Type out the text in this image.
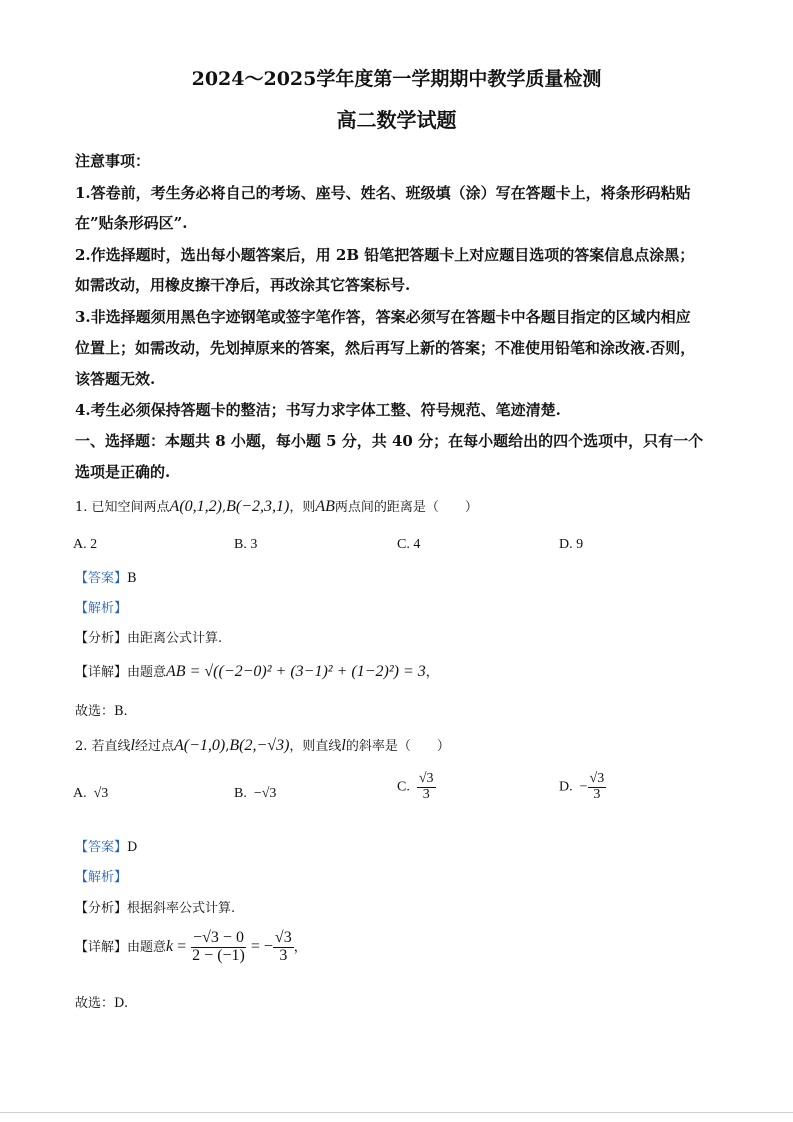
2024～2025学年度第一学期期中教学质量检测
高二数学试题
注意事项：
1.答卷前，考生务必将自己的考场、座号、姓名、班级填（涂）写在答题卡上，将条形码粘贴
在”贴条形码区”.
2.作选择题时，选出每小题答案后，用 2B 铅笔把答题卡上对应题目选项的答案信息点涂黑；
如需改动，用橡皮擦干净后，再改涂其它答案标号.
3.非选择题须用黑色字迹钢笔或签字笔作答，答案必须写在答题卡中各题目指定的区域内相应
位置上；如需改动，先划掉原来的答案，然后再写上新的答案；不准使用铅笔和涂改液.否则，
该答题无效.
4.考生必须保持答题卡的整洁；书写力求字体工整、符号规范、笔迹清楚.
一、选择题：本题共 8 小题，每小题 5 分，共 40 分；在每小题给出的四个选项中，只有一个
选项是正确的.
1. 已知空间两点A(0,1,2),B(−2,3,1)，则AB两点间的距离是（　　）
A. 2	B. 3	C. 4	D. 9
【答案】B
【解析】
【分析】由距离公式计算.
【详解】由题意AB = √((−2−0)² + (3−1)² + (1−2)²) = 3，
故选：B.
2. 若直线l经过点A(−1,0),B(2,−√3)，则直线l的斜率是（　　）
A. √3	B. −√3	C. $\frac{√3}{3}$	D. − $\frac{√3}{3}$
【答案】D
【解析】
【分析】根据斜率公式计算.
【详解】由题意$k = \frac{-√3 - 0}{2 - (-1)}$ = − $\frac{√3}{3}$ ，
故选：D.
